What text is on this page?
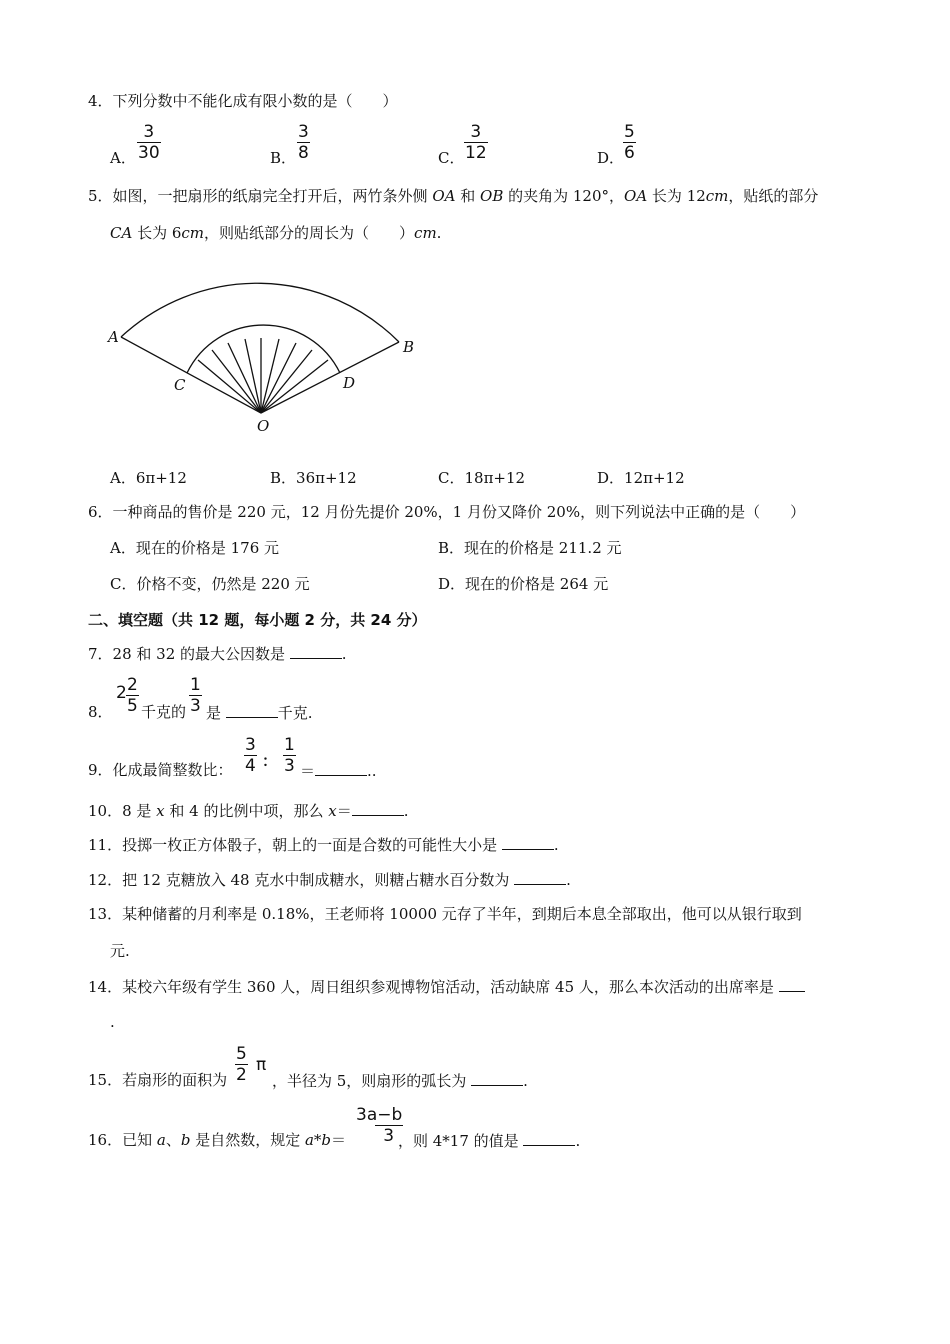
4．下列分数中不能化成有限小数的是（　　）
A．
3
30	B．
3
8	C．
3
12	D．
5
6
5．如图，一把扇形的纸扇完全打开后，两竹条外侧 OA 和 OB 的夹角为 120°，OA 长为 12cm，贴纸的部分
CA 长为 6cm，则贴纸部分的周长为（　　）cm.
A
B
C	D
O
A．6π+12	B．36π+12	C．18π+12	D．12π+12
6．一种商品的售价是 220 元，12 月份先提价 20%，1 月份又降价 20%，则下列说法中正确的是（　　）
A．现在的价格是 176 元	B．现在的价格是 211.2 元
C．价格不变，仍然是 220 元	D．现在的价格是 264 元
二、填空题（共 12 题，每小题 2 分，共 24 分）
7．28 和 32 的最大公因数是	.
8．
2 2
5 千克的
1
3 是	千克.
9．化成最简整数比：
3
4 ：
1
3 ＝	..
10．8 是 x 和 4 的比例中项，那么 x＝	.
11．投掷一枚正方体骰子，朝上的一面是合数的可能性大小是	.
12．把 12 克糖放入 48 克水中制成糖水，则糖占糖水百分数为	.
13．某种储蓄的月利率是 0.18%，王老师将 10000 元存了半年，到期后本息全部取出，他可以从银行取到
元.
14．某校六年级有学生 360 人，周日组织参观博物馆活动，活动缺席 45 人，那么本次活动的出席率是
.
15．若扇形的面积为
5
2 π
，半径为 5，则扇形的弧长为	.
16．已知 a、b 是自然数，规定 a*b＝
3a−b
3 ，则 4*17 的值是	.
